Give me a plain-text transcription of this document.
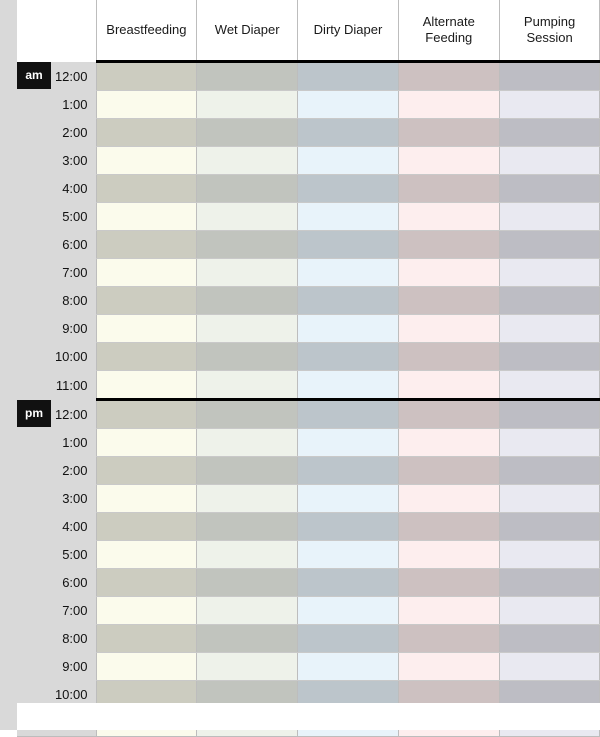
	Breastfeeding	Wet Diaper	Dirty Diaper	Alternate Feeding	Pumping Session

am 12:00					
1:00					
2:00					
3:00					
4:00					
5:00					
6:00					
7:00					
8:00					
9:00					
10:00					
11:00					

pm 12:00					
1:00					
2:00					
3:00					
4:00					
5:00					
6:00					
7:00					
8:00					
9:00					
10:00					
